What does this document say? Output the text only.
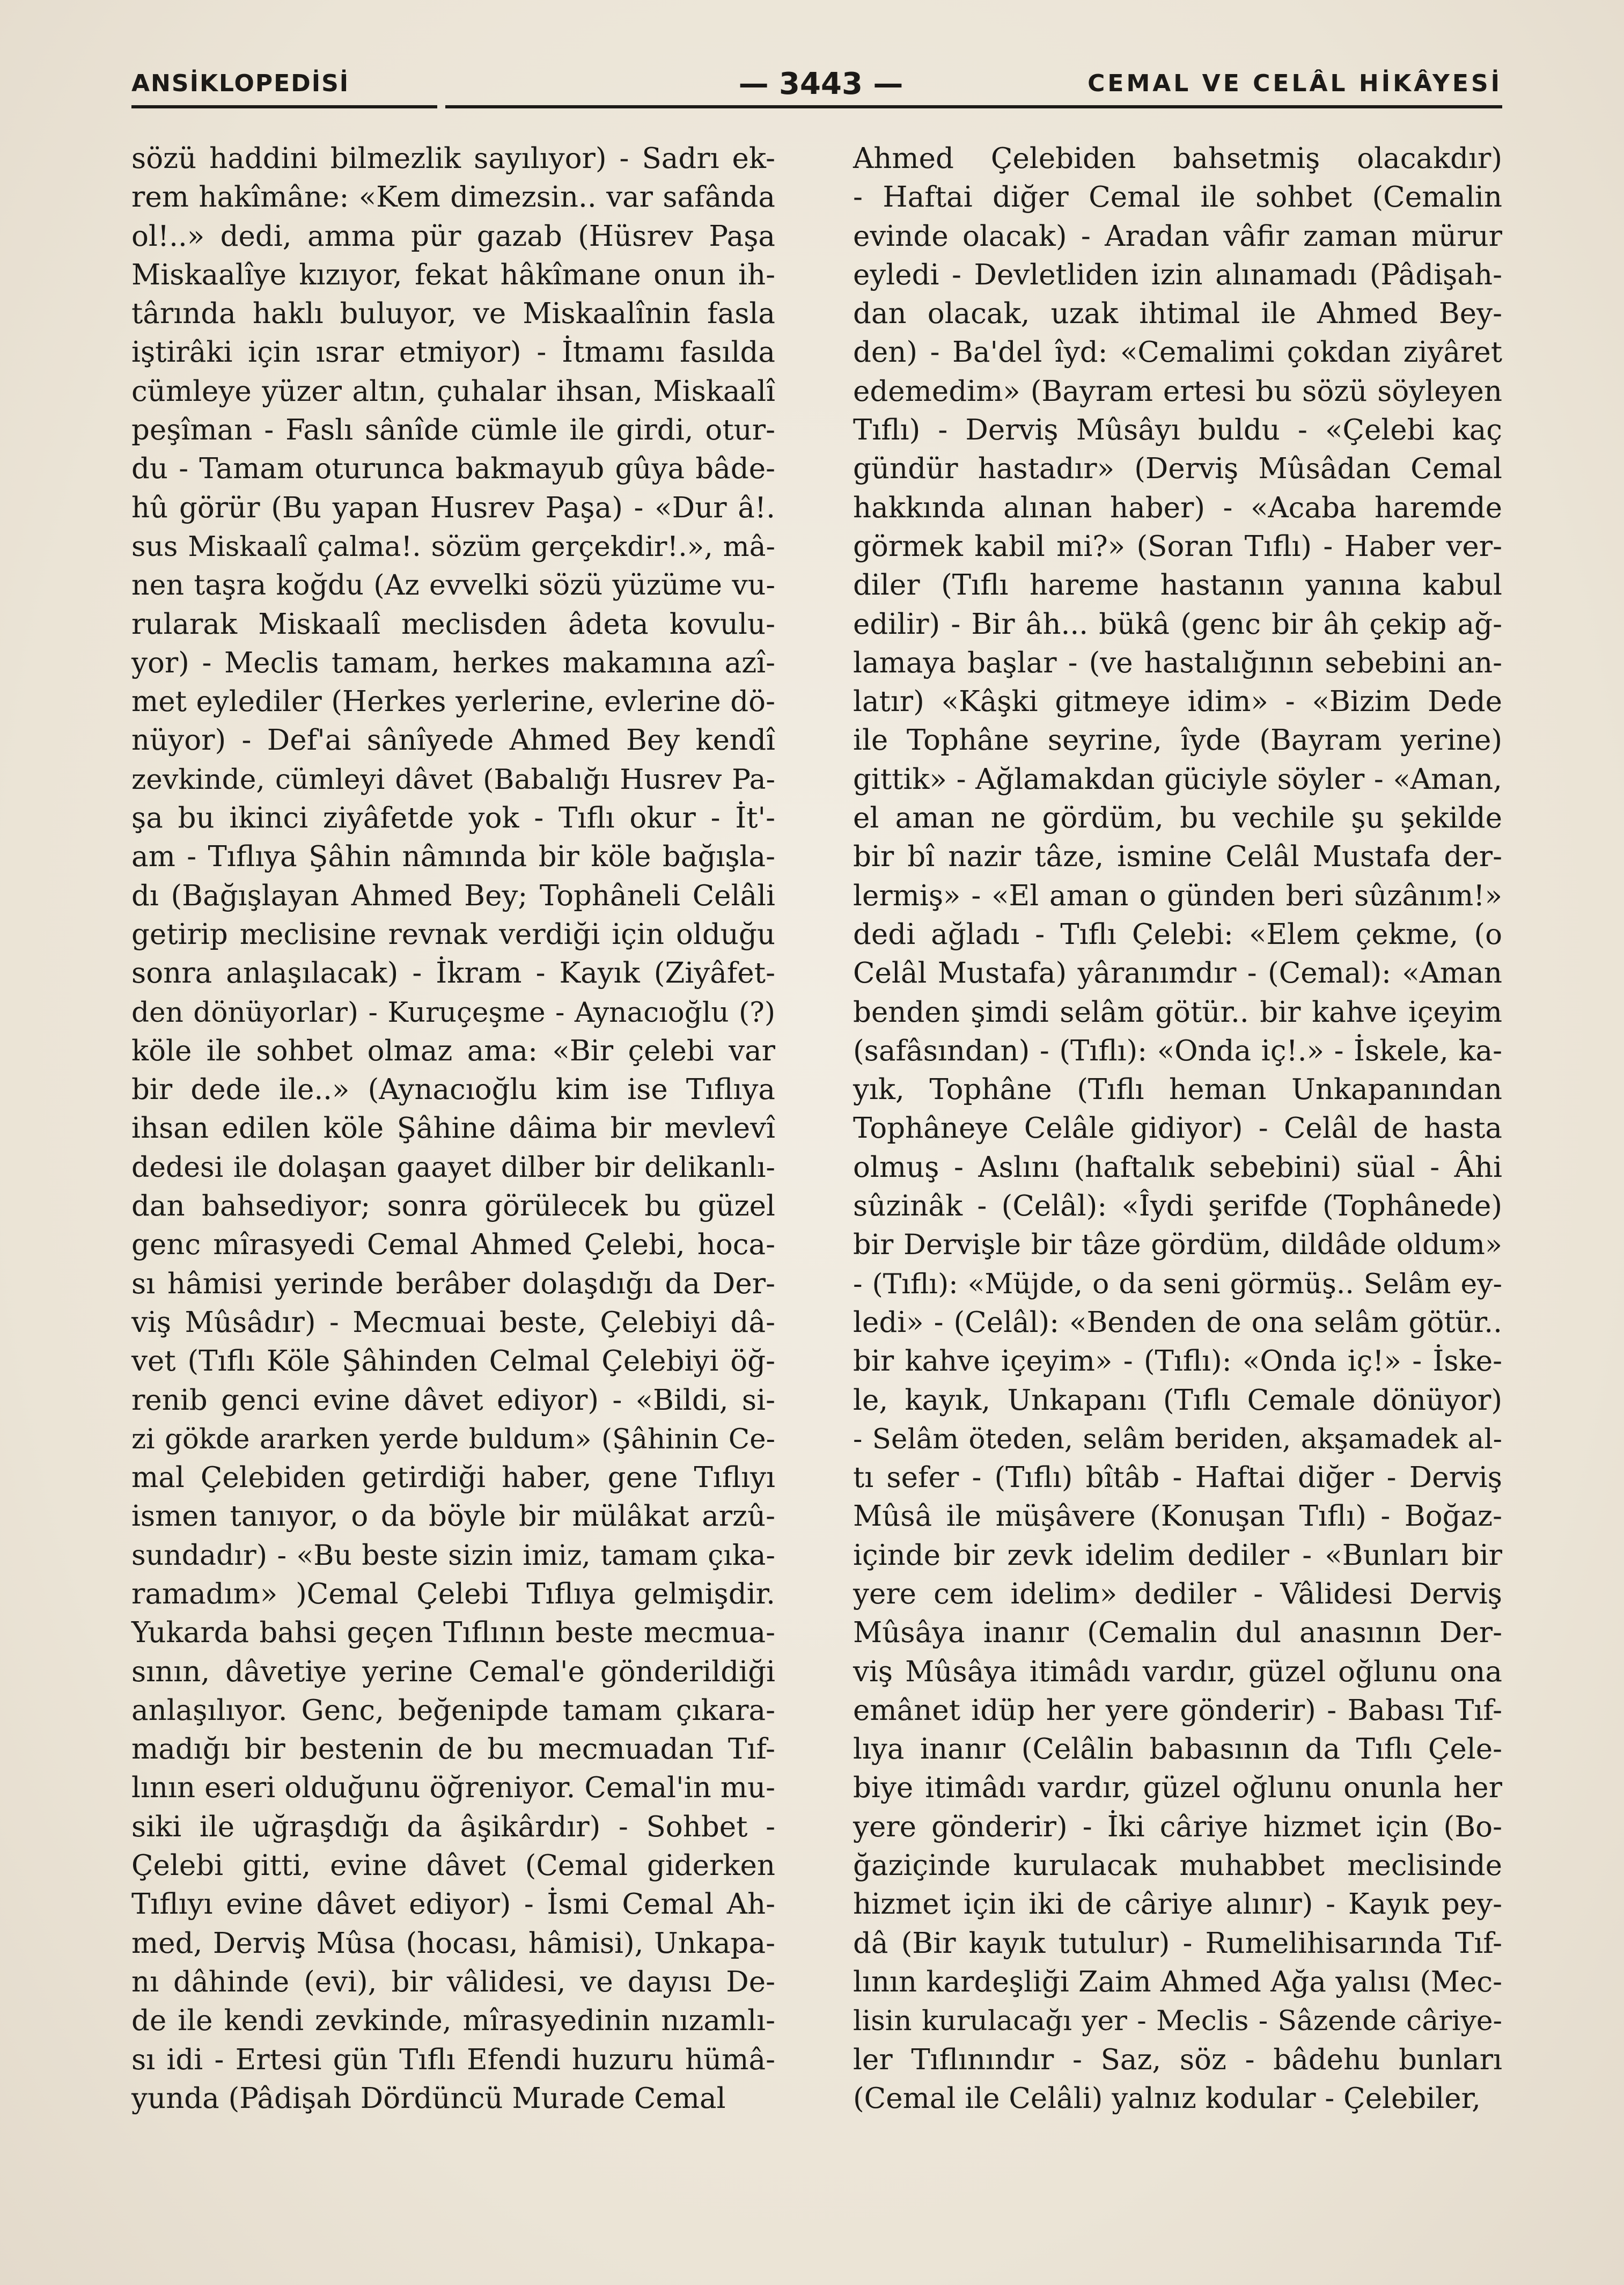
ANSİKLOPEDİSİ	— 3443 —	CEMAL VE CELÂL HİKÂYESİ
sözü haddini bilmezlik sayılıyor) - Sadrı ek-
rem hakîmâne: «Kem dimezsin.. var safânda
ol!..» dedi, amma pür gazab (Hüsrev Paşa
Miskaalîye kızıyor, fekat hâkîmane onun ih-
târında haklı buluyor, ve Miskaalînin fasla
iştirâki için ısrar etmiyor) - İtmamı fasılda
cümleye yüzer altın, çuhalar ihsan, Miskaalî
peşîman - Faslı sânîde cümle ile girdi, otur-
du - Tamam oturunca bakmayub gûya bâde-
hû görür (Bu yapan Husrev Paşa) - «Dur â!.
sus Miskaalî çalma!. sözüm gerçekdir!.», mâ-
nen taşra koğdu (Az evvelki sözü yüzüme vu-
rularak Miskaalî meclisden âdeta kovulu-
yor) - Meclis tamam, herkes makamına azî-
met eylediler (Herkes yerlerine, evlerine dö-
nüyor) - Def'ai sânîyede Ahmed Bey kendî
zevkinde, cümleyi dâvet (Babalığı Husrev Pa-
şa bu ikinci ziyâfetde yok - Tıflı okur - İt'-
am - Tıflıya Şâhin nâmında bir köle bağışla-
dı (Bağışlayan Ahmed Bey; Tophâneli Celâli
getirip meclisine revnak verdiği için olduğu
sonra anlaşılacak) - İkram - Kayık (Ziyâfet-
den dönüyorlar) - Kuruçeşme - Aynacıoğlu (?)
köle ile sohbet olmaz ama: «Bir çelebi var
bir dede ile..» (Aynacıoğlu kim ise Tıflıya
ihsan edilen köle Şâhine dâima bir mevlevî
dedesi ile dolaşan gaayet dilber bir delikanlı-
dan bahsediyor; sonra görülecek bu güzel
genc mîrasyedi Cemal Ahmed Çelebi, hoca-
sı hâmisi yerinde berâber dolaşdığı da Der-
viş Mûsâdır) - Mecmuai beste, Çelebiyi dâ-
vet (Tıflı Köle Şâhinden Celmal Çelebiyi öğ-
renib genci evine dâvet ediyor) - «Bildi, si-
zi gökde ararken yerde buldum» (Şâhinin Ce-
mal Çelebiden getirdiği haber, gene Tıflıyı
ismen tanıyor, o da böyle bir mülâkat arzû-
sundadır) - «Bu beste sizin imiz, tamam çıka-
ramadım» )Cemal Çelebi Tıflıya gelmişdir.
Yukarda bahsi geçen Tıflının beste mecmua-
sının, dâvetiye yerine Cemal'e gönderildiği
anlaşılıyor. Genc, beğenipde tamam çıkara-
madığı bir bestenin de bu mecmuadan Tıf-
lının eseri olduğunu öğreniyor. Cemal'in mu-
siki ile uğraşdığı da âşikârdır) - Sohbet -
Çelebi gitti, evine dâvet (Cemal giderken
Tıflıyı evine dâvet ediyor) - İsmi Cemal Ah-
med, Derviş Mûsa (hocası, hâmisi), Unkapa-
nı dâhinde (evi), bir vâlidesi, ve dayısı De-
de ile kendi zevkinde, mîrasyedinin nızamlı-
sı idi - Ertesi gün Tıflı Efendi huzuru hümâ-
yunda (Pâdişah Dördüncü Murade Cemal
Ahmed Çelebiden bahsetmiş olacakdır)
- Haftai diğer Cemal ile sohbet (Cemalin
evinde olacak) - Aradan vâfir zaman mürur
eyledi - Devletliden izin alınamadı (Pâdişah-
dan olacak, uzak ihtimal ile Ahmed Bey-
den) - Ba'del îyd: «Cemalimi çokdan ziyâret
edemedim» (Bayram ertesi bu sözü söyleyen
Tıflı) - Derviş Mûsâyı buldu - «Çelebi kaç
gündür hastadır» (Derviş Mûsâdan Cemal
hakkında alınan haber) - «Acaba haremde
görmek kabil mi?» (Soran Tıflı) - Haber ver-
diler (Tıflı hareme hastanın yanına kabul
edilir) - Bir âh... bükâ (genc bir âh çekip ağ-
lamaya başlar - (ve hastalığının sebebini an-
latır) «Kâşki gitmeye idim» - «Bizim Dede
ile Tophâne seyrine, îyde (Bayram yerine)
gittik» - Ağlamakdan güciyle söyler - «Aman,
el aman ne gördüm, bu vechile şu şekilde
bir bî nazir tâze, ismine Celâl Mustafa der-
lermiş» - «El aman o günden beri sûzânım!»
dedi ağladı - Tıflı Çelebi: «Elem çekme, (o
Celâl Mustafa) yâranımdır - (Cemal): «Aman
benden şimdi selâm götür.. bir kahve içeyim
(safâsından) - (Tıflı): «Onda iç!.» - İskele, ka-
yık, Tophâne (Tıflı heman Unkapanından
Tophâneye Celâle gidiyor) - Celâl de hasta
olmuş - Aslını (haftalık sebebini) süal - Âhi
sûzinâk - (Celâl): «Îydi şerifde (Tophânede)
bir Dervişle bir tâze gördüm, dildâde oldum»
- (Tıflı): «Müjde, o da seni görmüş.. Selâm ey-
ledi» - (Celâl): «Benden de ona selâm götür..
bir kahve içeyim» - (Tıflı): «Onda iç!» - İske-
le, kayık, Unkapanı (Tıflı Cemale dönüyor)
- Selâm öteden, selâm beriden, akşamadek al-
tı sefer - (Tıflı) bîtâb - Haftai diğer - Derviş
Mûsâ ile müşâvere (Konuşan Tıflı) - Boğaz-
içinde bir zevk idelim dediler - «Bunları bir
yere cem idelim» dediler - Vâlidesi Derviş
Mûsâya inanır (Cemalin dul anasının Der-
viş Mûsâya itimâdı vardır, güzel oğlunu ona
emânet idüp her yere gönderir) - Babası Tıf-
lıya inanır (Celâlin babasının da Tıflı Çele-
biye itimâdı vardır, güzel oğlunu onunla her
yere gönderir) - İki câriye hizmet için (Bo-
ğaziçinde kurulacak muhabbet meclisinde
hizmet için iki de câriye alınır) - Kayık pey-
dâ (Bir kayık tutulur) - Rumelihisarında Tıf-
lının kardeşliği Zaim Ahmed Ağa yalısı (Mec-
lisin kurulacağı yer - Meclis - Sâzende câriye-
ler Tıflınındır - Saz, söz - bâdehu bunları
(Cemal ile Celâli) yalnız kodular - Çelebiler,
